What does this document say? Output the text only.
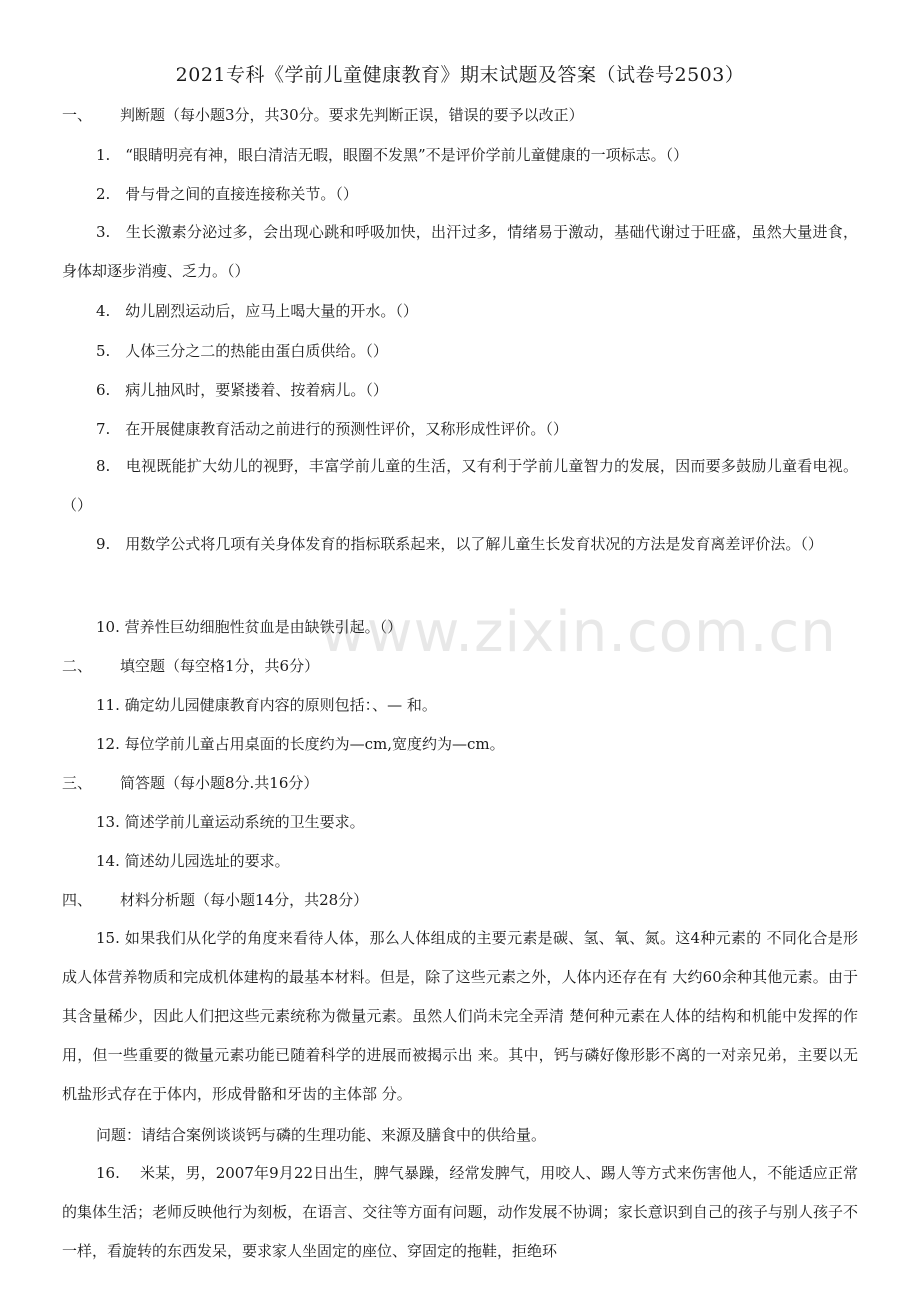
www.zixin.com.cn
2021专科《学前儿童健康教育》期末试题及答案（试卷号2503）
一、 判断题（每小题3分，共30分。要求先判断正误，错误的要予以改正）
1.　“眼睛明亮有神，眼白清洁无暇，眼圈不发黑”不是评价学前儿童健康的一项标志。（）
2.　骨与骨之间的直接连接称关节。（）
3.　生长激素分泌过多，会出现心跳和呼吸加快，出汗过多，情绪易于激动，基础代谢过于旺盛，虽然大量进食，身体却逐步消瘦、乏力。（）
4.　幼儿剧烈运动后，应马上喝大量的开水。（）
5.　人体三分之二的热能由蛋白质供给。（）
6.　病儿抽风时，要紧搂着、按着病儿。（）
7.　在开展健康教育活动之前进行的预测性评价，又称形成性评价。（）
8.　电视既能扩大幼儿的视野，丰富学前儿童的生活，又有利于学前儿童智力的发展，因而要多鼓励儿童看电视。（）
9.　用数学公式将几项有关身体发育的指标联系起来，以了解儿童生长发育状况的方法是发育离差评价法。（）
10. 营养性巨幼细胞性贫血是由缺铁引起。（）
二、 填空题（每空格1分，共6分）
11. 确定幼儿园健康教育内容的原则包括：、— 和。
12. 每位学前儿童占用桌面的长度约为—cm,宽度约为—cm。
三、 简答题（每小题8分.共16分）
13. 简述学前儿童运动系统的卫生要求。
14. 简述幼儿园选址的要求。
四、 材料分析题（每小题14分，共28分）
15. 如果我们从化学的角度来看待人体，那么人体组成的主要元素是碳、氢、氧、氮。这4种元素的 不同化合是形成人体营养物质和完成机体建构的最基本材料。但是，除了这些元素之外，人体内还存在有 大约60余种其他元素。由于其含量稀少，因此人们把这些元素统称为微量元素。虽然人们尚未完全弄清 楚何种元素在人体的结构和机能中发挥的作用，但一些重要的微量元素功能已随着科学的进展而被揭示出 来。其中，钙与磷好像形影不离的一对亲兄弟，主要以无机盐形式存在于体内，形成骨骼和牙齿的主体部 分。
问题：请结合案例谈谈钙与磷的生理功能、来源及膳食中的供给量。
16.　 米某，男，2007年9月22日出生，脾气暴躁，经常发脾气，用咬人、踢人等方式来伤害他人，不能适应正常的集体生活；老师反映他行为刻板，在语言、交往等方面有问题，动作发展不协调；家长意识到自己的孩子与别人孩子不一样，看旋转的东西发呆，要求家人坐固定的座位、穿固定的拖鞋，拒绝环
